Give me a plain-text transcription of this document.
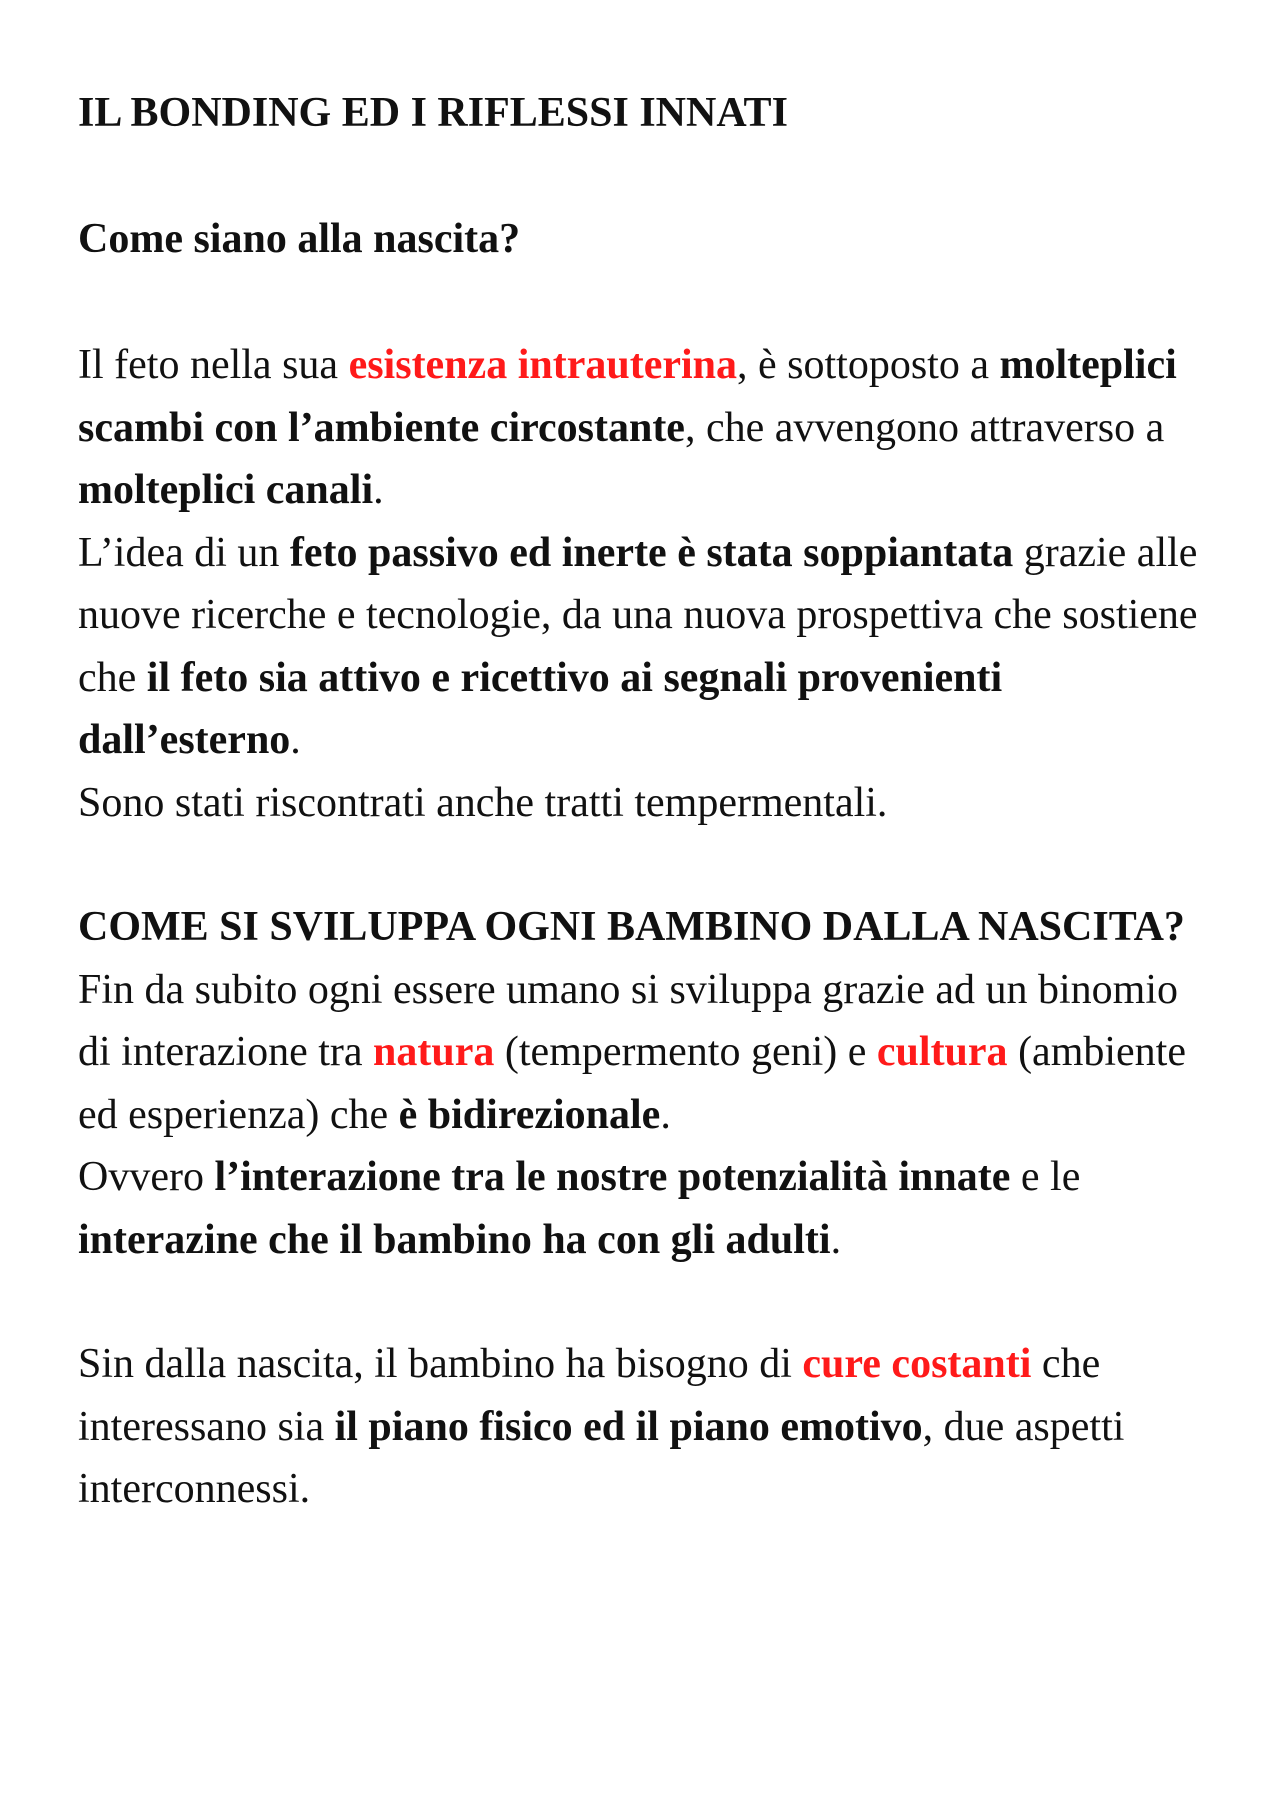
IL BONDING ED I RIFLESSI INNATI
Come siano alla nascita?

Il feto nella sua esistenza intrauterina, è sottoposto a molteplici scambi con l’ambiente circostante, che avvengono attraverso a molteplici canali.

L’idea di un feto passivo ed inerte è stata soppiantata grazie alle nuove ricerche e tecnologie, da una nuova prospettiva che sostiene che il feto sia attivo e ricettivo ai segnali provenienti dall’esterno.

Sono stati riscontrati anche tratti tempermentali.

COME SI SVILUPPA OGNI BAMBINO DALLA NASCITA?

Fin da subito ogni essere umano si sviluppa grazie ad un binomio di interazione tra natura (tempermento geni) e cultura (ambiente ed esperienza) che è bidirezionale.

Ovvero l’interazione tra le nostre potenzialità innate e le interazine che il bambino ha con gli adulti.

Sin dalla nascita, il bambino ha bisogno di cure costanti che interessano sia il piano fisico ed il piano emotivo, due aspetti interconnessi.
